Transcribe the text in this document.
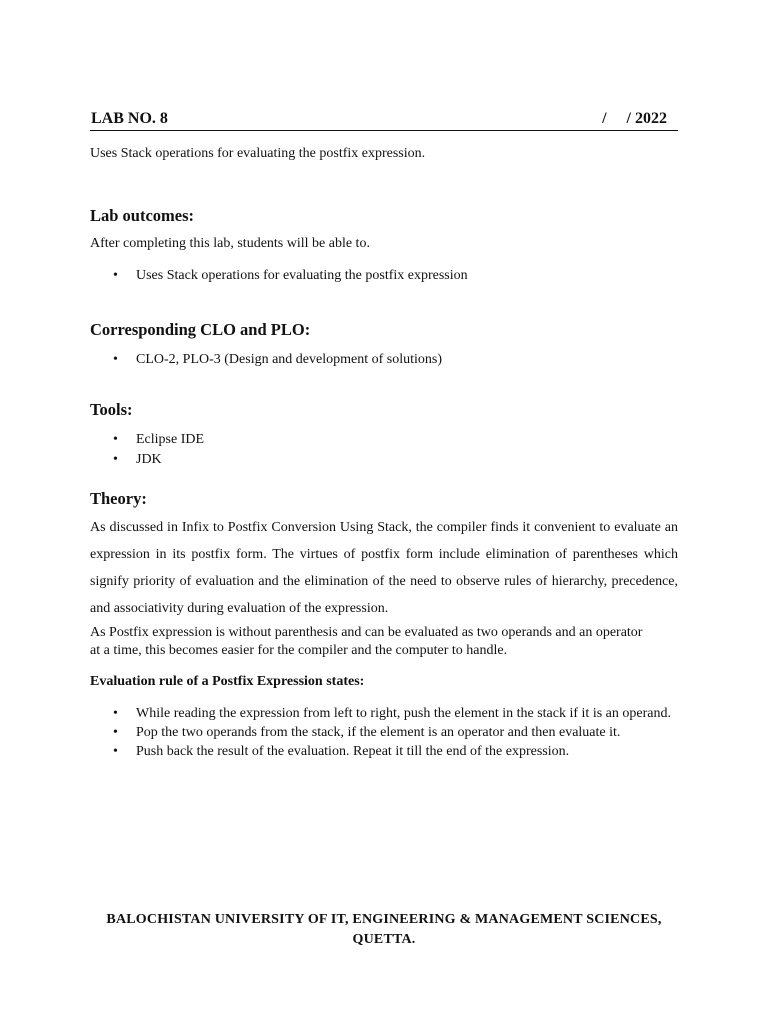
LAB NO. 8	/     / 2022
Uses Stack operations for evaluating the postfix expression.
Lab outcomes:
After completing this lab, students will be able to.
• Uses Stack operations for evaluating the postfix expression
Corresponding CLO and PLO:
• CLO-2, PLO-3 (Design and development of solutions)
Tools:
• Eclipse IDE
• JDK
Theory:
As discussed in Infix to Postfix Conversion Using Stack, the compiler finds it convenient to evaluate an expression in its postfix form. The virtues of postfix form include elimination of parentheses which signify priority of evaluation and the elimination of the need to observe rules of hierarchy, precedence, and associativity during evaluation of the expression.
As Postfix expression is without parenthesis and can be evaluated as two operands and an operator at a time, this becomes easier for the compiler and the computer to handle.
Evaluation rule of a Postfix Expression states:
• While reading the expression from left to right, push the element in the stack if it is an operand.
• Pop the two operands from the stack, if the element is an operator and then evaluate it.
• Push back the result of the evaluation. Repeat it till the end of the expression.
BALOCHISTAN UNIVERSITY OF IT, ENGINEERING & MANAGEMENT SCIENCES,
QUETTA.
